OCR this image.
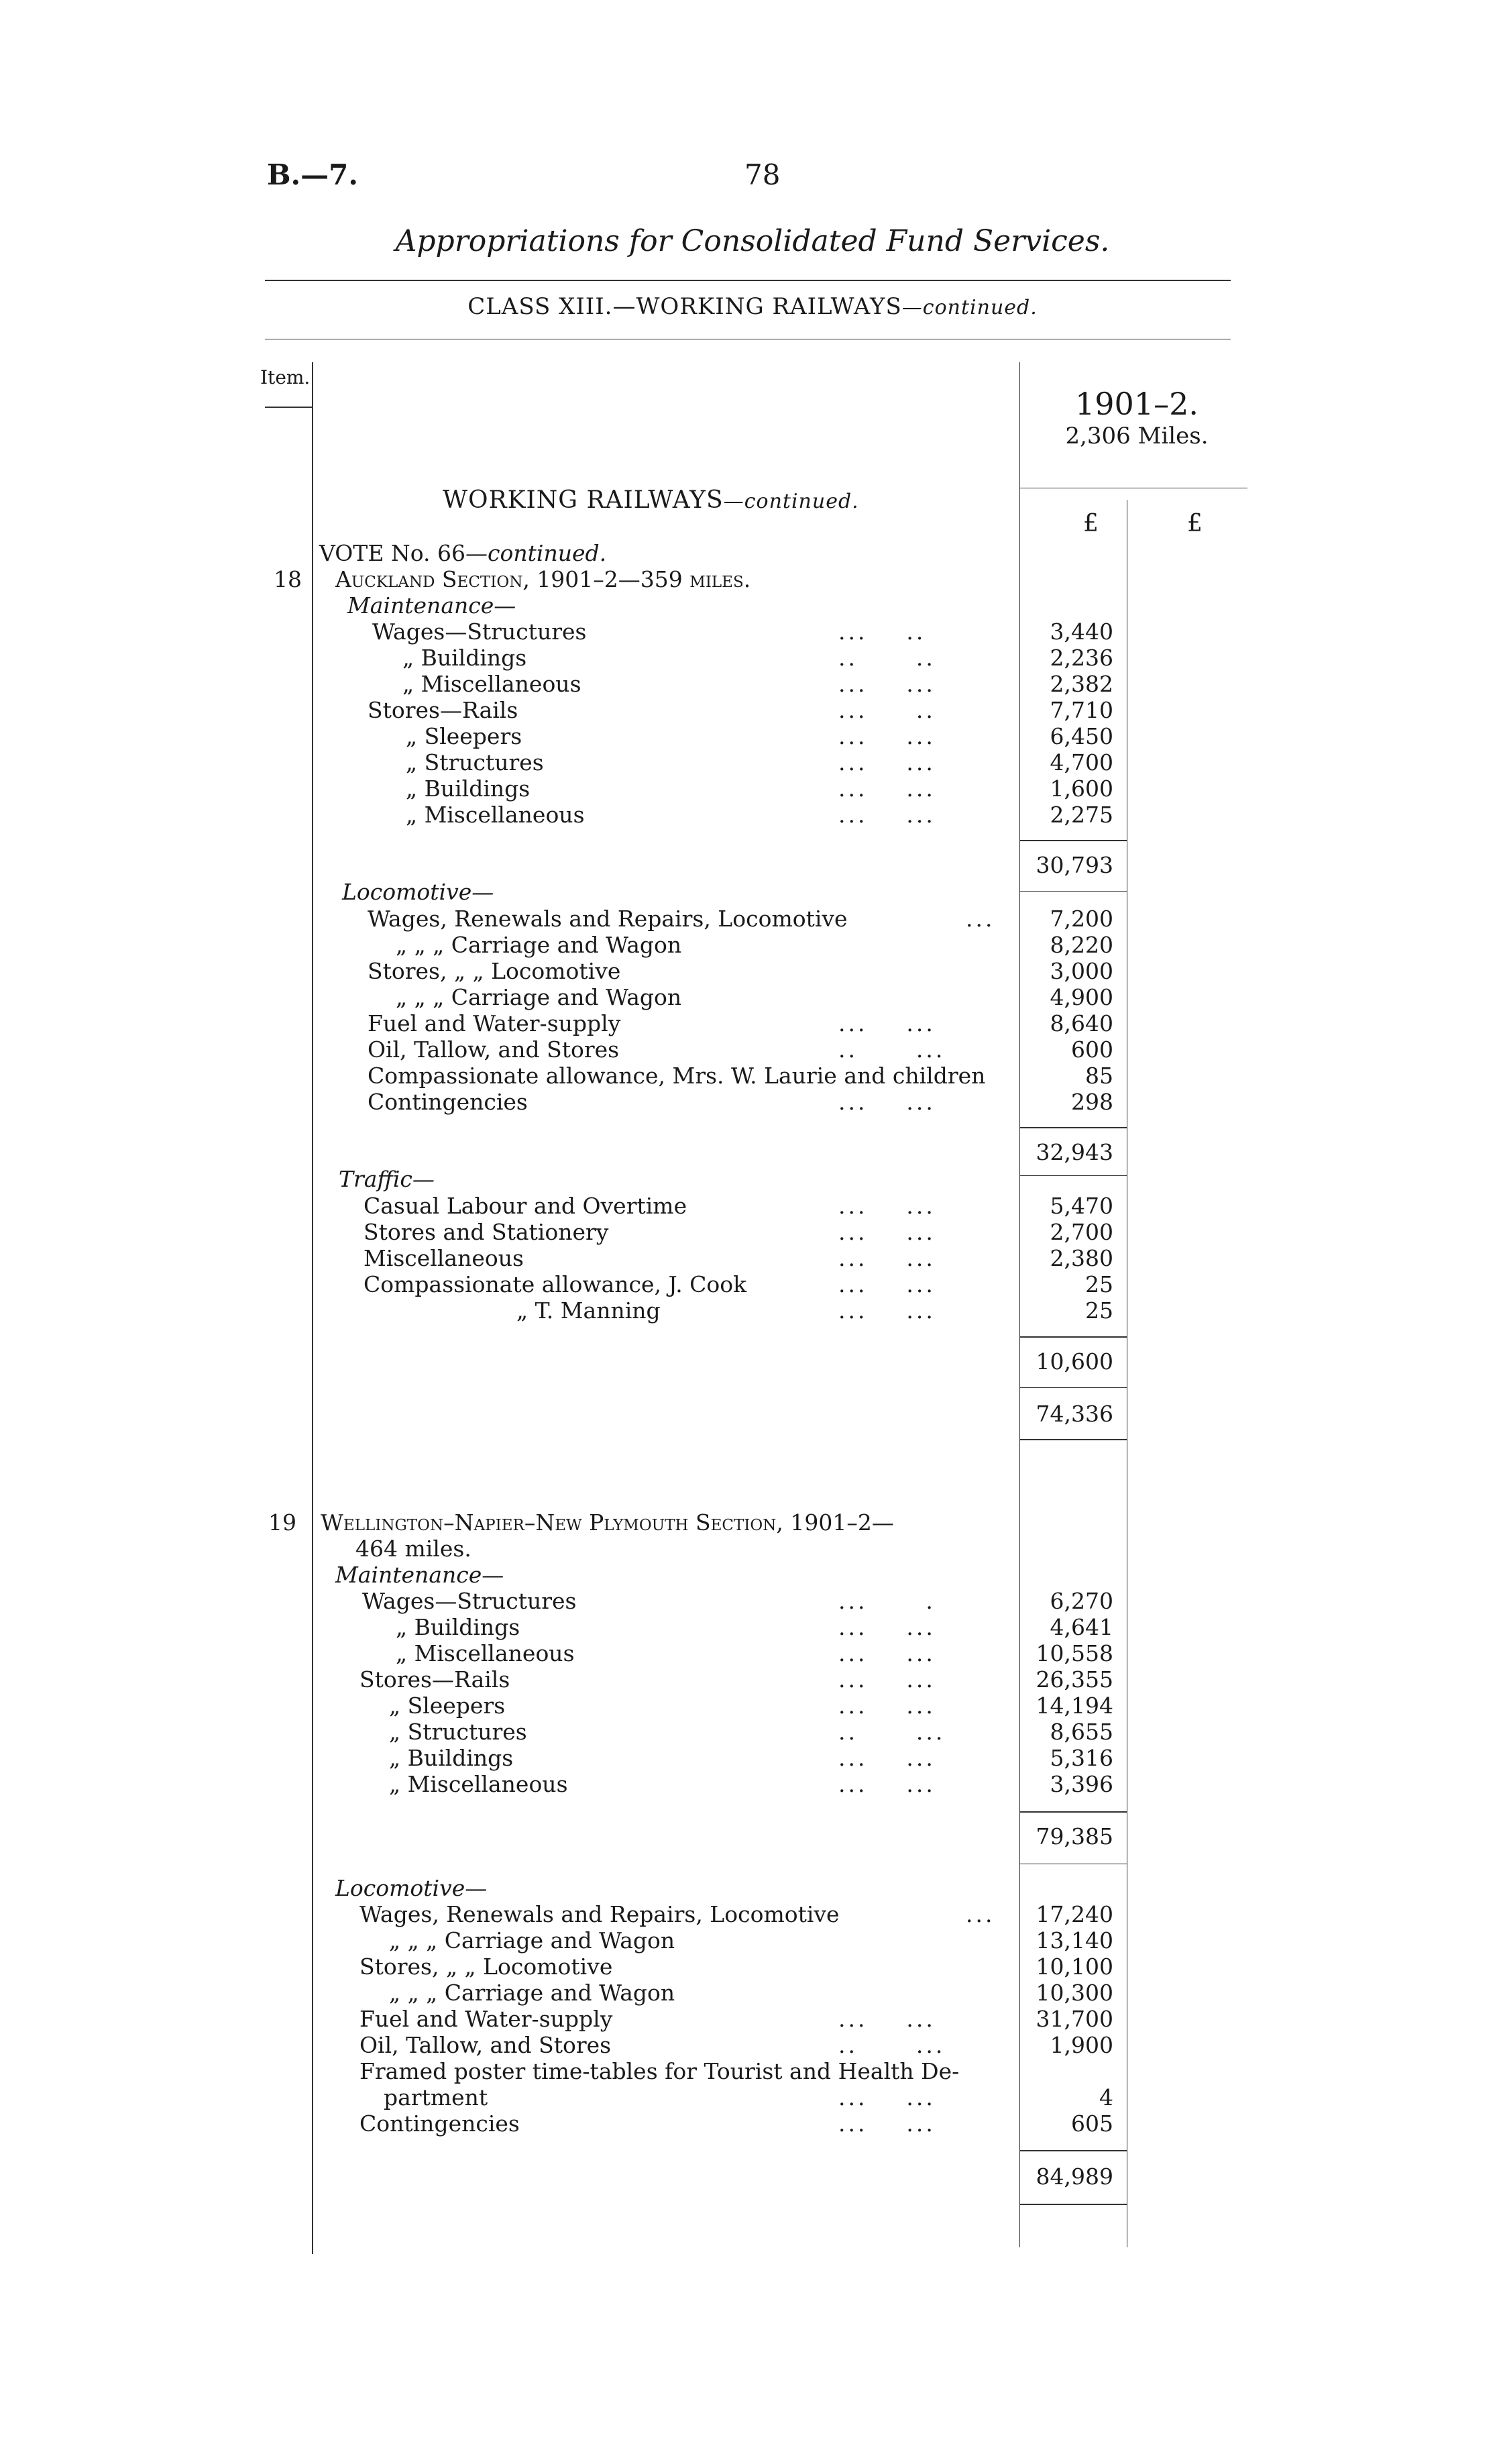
B.—7.	78
Appropriations for Consolidated Fund Services.
CLASS XIII.—WORKING RAILWAYS—continued.
Item.
1901–2.
2,306 Miles.
£	£
WORKING RAILWAYS—continued.
VOTE No. 66—continued.
18 Auckland Section, 1901–2—359 miles.
Maintenance—
Wages—Structures
„ Buildings
„ Miscellaneous
Stores—Rails
„ Sleepers
„ Structures
„ Buildings
„ Miscellaneous
3,440
2,236
2,382
7,710
6,450
4,700
1,600
2,275
30,793
Locomotive—
Wages, Renewals and Repairs, Locomotive
„ „ „ Carriage and Wagon
Stores, „ „ Locomotive
„ „ „ Carriage and Wagon
Fuel and Water-supply
Oil, Tallow, and Stores
Compassionate allowance, Mrs. W. Laurie and children
Contingencies
7,200
8,220
3,000
4,900
8,640
600
85
298
32,943
Traffic—
Casual Labour and Overtime
Stores and Stationery
Miscellaneous
Compassionate allowance, J. Cook
„ T. Manning
5,470
2,700
2,380
25
25
10,600
74,336
19 Wellington–Napier–New Plymouth Section, 1901–2—
464 miles.
Maintenance—
Wages—Structures
„ Buildings
„ Miscellaneous
Stores—Rails
„ Sleepers
„ Structures
„ Buildings
„ Miscellaneous
6,270
4,641
10,558
26,355
14,194
8,655
5,316
3,396
79,385
Locomotive—
Wages, Renewals and Repairs, Locomotive
„ „ „ Carriage and Wagon
Stores, „ „ Locomotive
„ „ „ Carriage and Wagon
Fuel and Water-supply
Oil, Tallow, and Stores
Framed poster time-tables for Tourist and Health De-
partment
Contingencies
17,240
13,140
10,100
10,300
31,700
1,900
4
605
84,989
...    ..
..      ..
...    ...
...     ..
...    ...
...    ...
...    ...
...    ...
...
...    ...
..      ...
...    ...
...    ...
...    ...
...    ...
...    ...
...    ...
...      .
...    ...
...    ...
...    ...
...    ...
..      ...
...    ...
...    ...
...
...    ...
..      ...
...    ...
...    ...
